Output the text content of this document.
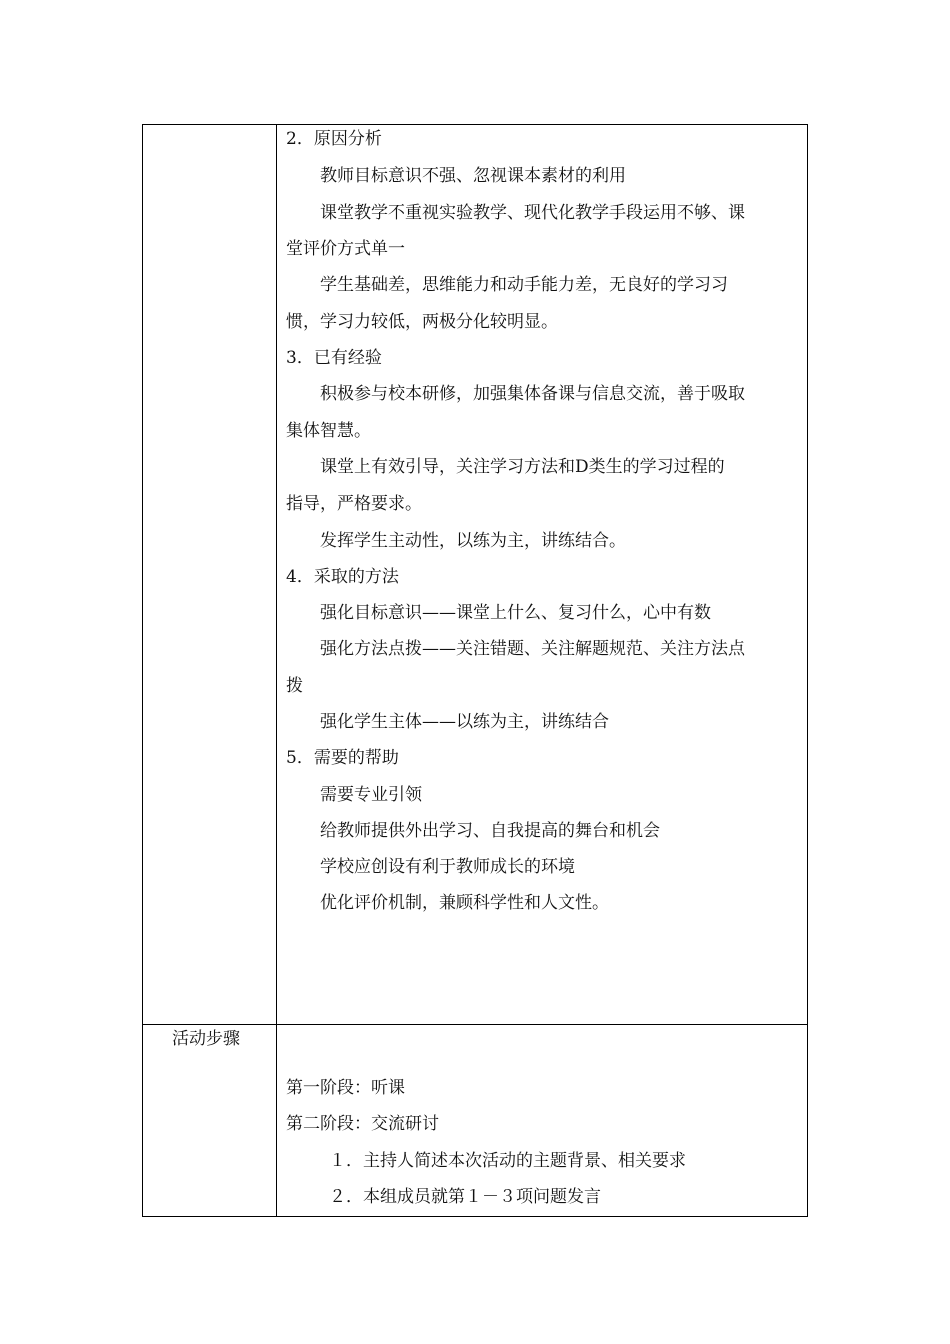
2．原因分析
教师目标意识不强、忽视课本素材的利用
课堂教学不重视实验教学、现代化教学手段运用不够、课
堂评价方式单一
学生基础差，思维能力和动手能力差，无良好的学习习
惯，学习力较低，两极分化较明显。
3．已有经验
积极参与校本研修，加强集体备课与信息交流，善于吸取
集体智慧。
课堂上有效引导，关注学习方法和D类生的学习过程的
指导，严格要求。
发挥学生主动性，以练为主，讲练结合。
4．采取的方法
强化目标意识——课堂上什么、复习什么，心中有数
强化方法点拨——关注错题、关注解题规范、关注方法点
拨
强化学生主体——以练为主，讲练结合
5．需要的帮助
需要专业引领
给教师提供外出学习、自我提高的舞台和机会
学校应创设有利于教师成长的环境
优化评价机制，兼顾科学性和人文性。
活动步骤
第一阶段：听课
第二阶段：交流研讨
１．主持人简述本次活动的主题背景、相关要求
２．本组成员就第１－３项问题发言
